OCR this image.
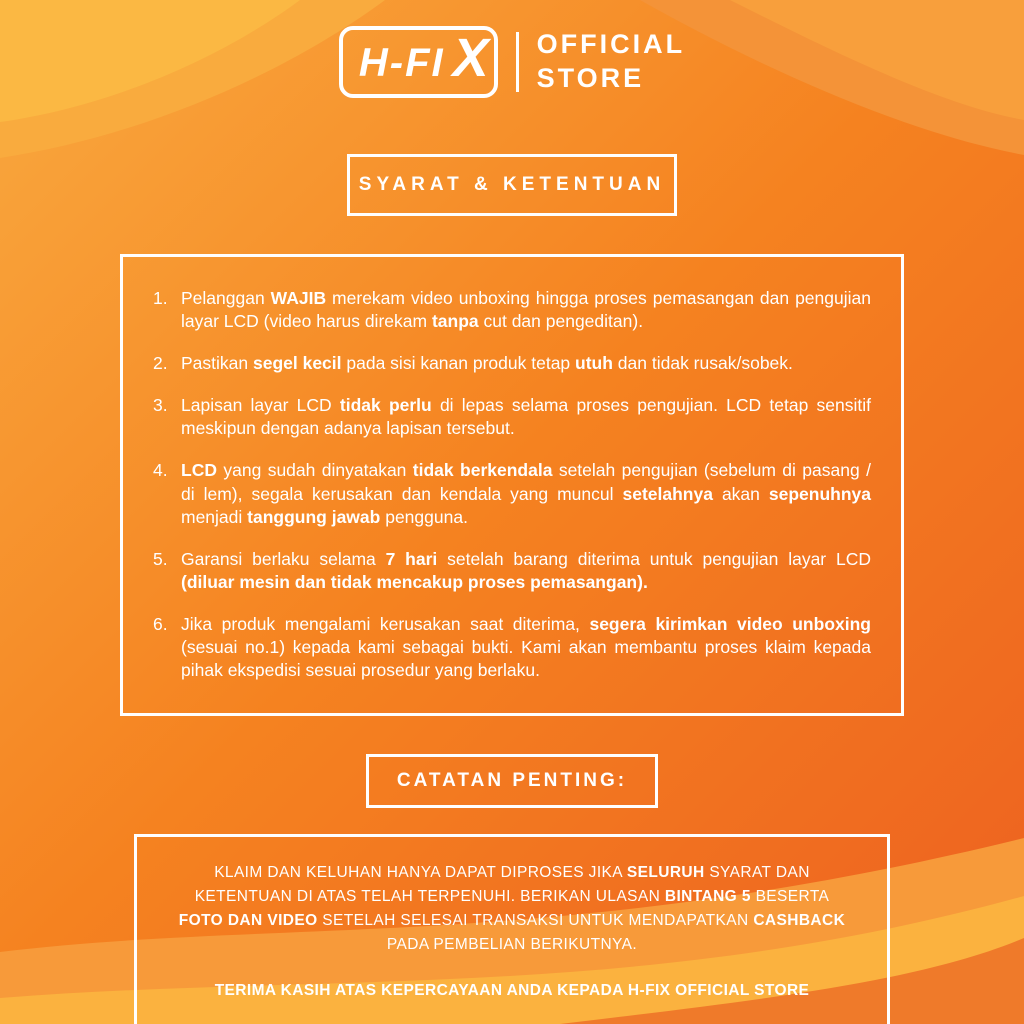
H-FI X OFFICIAL
STORE
SYARAT & KETENTUAN
1. Pelanggan WAJIB merekam video unboxing hingga proses pemasangan dan pengujian layar LCD (video harus direkam tanpa cut dan pengeditan).
2. Pastikan segel kecil pada sisi kanan produk tetap utuh dan tidak rusak/sobek.
3. Lapisan layar LCD tidak perlu di lepas selama proses pengujian. LCD tetap sensitif meskipun dengan adanya lapisan tersebut.
4. LCD yang sudah dinyatakan tidak berkendala setelah pengujian (sebelum di pasang / di lem), segala kerusakan dan kendala yang muncul setelahnya akan sepenuhnya menjadi tanggung jawab pengguna.
5. Garansi berlaku selama 7 hari setelah barang diterima untuk pengujian layar LCD (diluar mesin dan tidak mencakup proses pemasangan).
6. Jika produk mengalami kerusakan saat diterima, segera kirimkan video unboxing (sesuai no.1) kepada kami sebagai bukti. Kami akan membantu proses klaim kepada pihak ekspedisi sesuai prosedur yang berlaku.
CATATAN PENTING:
KLAIM DAN KELUHAN HANYA DAPAT DIPROSES JIKA SELURUH SYARAT DAN KETENTUAN DI ATAS TELAH TERPENUHI. BERIKAN ULASAN BINTANG 5 BESERTA FOTO DAN VIDEO SETELAH SELESAI TRANSAKSI UNTUK MENDAPATKAN CASHBACK PADA PEMBELIAN BERIKUTNYA.
TERIMA KASIH ATAS KEPERCAYAAN ANDA KEPADA H-FIX OFFICIAL STORE
